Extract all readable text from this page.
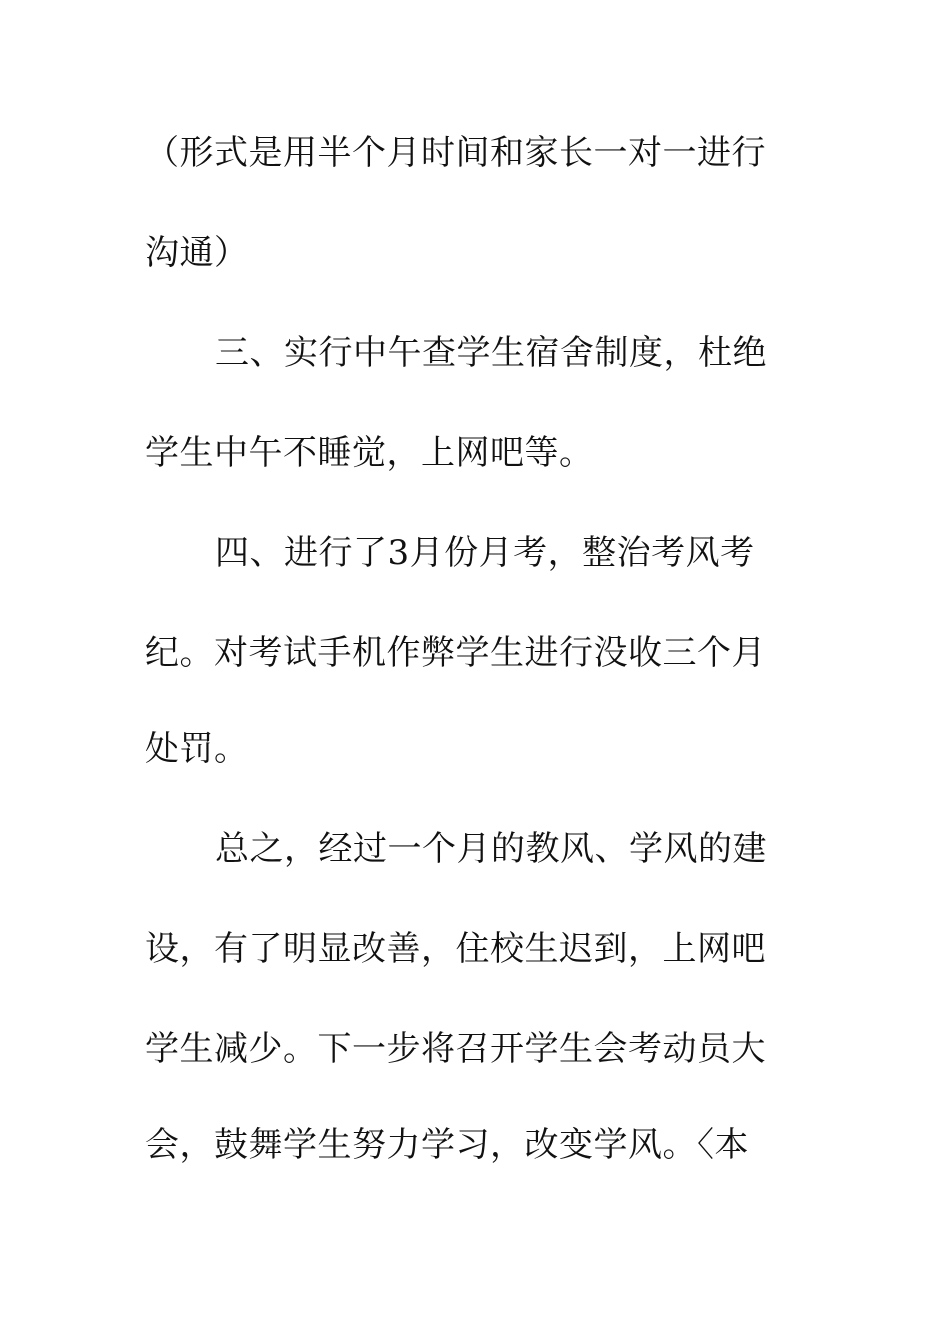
（形式是用半个月时间和家长一对一进行
沟通）
三、实行中午查学生宿舍制度，杜绝
学生中午不睡觉，上网吧等。
四、进行了3月份月考，整治考风考
纪。对考试手机作弊学生进行没收三个月
处罚。
总之，经过一个月的教风、学风的建
设，有了明显改善，住校生迟到，上网吧
学生减少。下一步将召开学生会考动员大
会，鼓舞学生努力学习，改变学风。〈本
